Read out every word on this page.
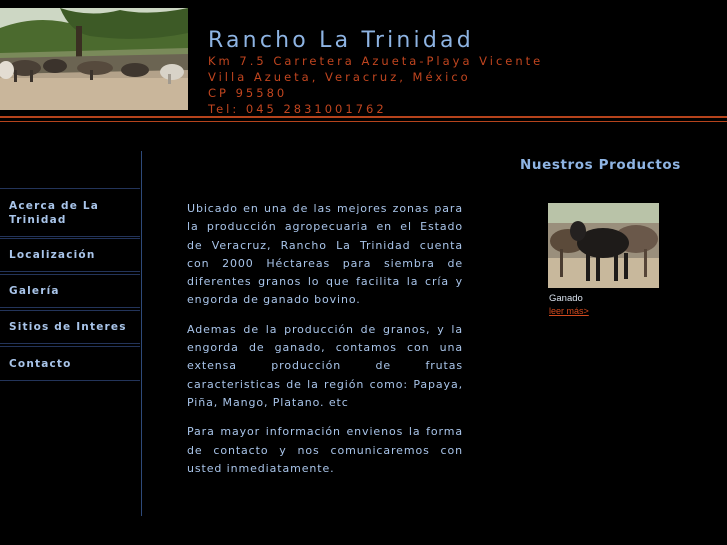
Rancho La Trinidad
Km 7.5 Carretera Azueta-Playa Vicente
Villa Azueta, Veracruz, México
CP 95580
Tel: 045 2831001762
Acerca de La Trinidad
Localización
Galería
Sitios de Interes
Contacto

Ubicado en una de las mejores zonas para la producción agropecuaria en el Estado de Veracruz, Rancho La Trinidad cuenta con 2000 Héctareas para siembra de diferentes granos lo que facilita la cría y engorda de ganado bovino.

Ademas de la producción de granos, y la engorda de ganado, contamos con una extensa producción de frutas caracteristicas de la región como: Papaya, Piña, Mango, Platano. etc

Para mayor información envienos la forma de contacto y nos comunicaremos con usted inmediatamente.

Nuestros Productos
Ganado
leer más>
